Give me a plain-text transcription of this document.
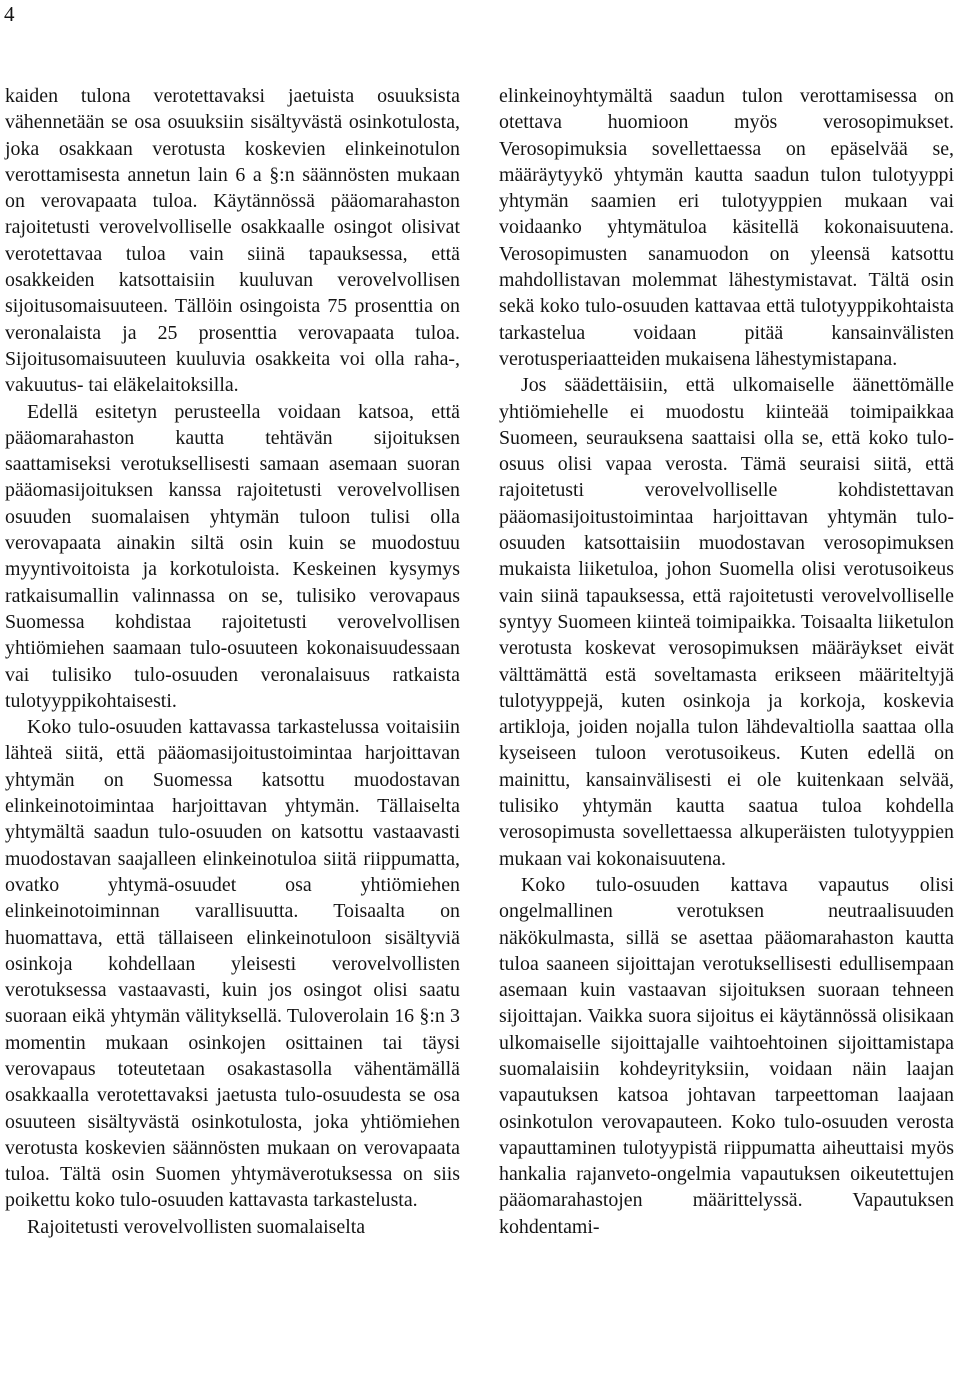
4

kaiden tulona verotettavaksi jaetuista osuuksista vähennetään se osa osuuksiin sisältyvästä osinkotulosta, joka osakkaan verotusta koskevien elinkeinotulon verottamisesta annetun lain 6 a §:n säännösten mukaan on verovapaata tuloa. Käytännössä pääomarahaston rajoitetusti verovelvolliselle osakkaalle osingot olisivat verotettavaa tuloa vain siinä tapauksessa, että osakkeiden katsottaisiin kuuluvan verovelvollisen sijoitusomaisuuteen. Tällöin osingoista 75 prosenttia on veronalaista ja 25 prosenttia verovapaata tuloa. Sijoitusomaisuuteen kuuluvia osakkeita voi olla raha-, vakuutus- tai eläkelaitoksilla.

Edellä esitetyn perusteella voidaan katsoa, että pääomarahaston kautta tehtävän sijoituksen saattamiseksi verotuksellisesti samaan asemaan suoran pääomasijoituksen kanssa rajoitetusti verovelvollisen osuuden suomalaisen yhtymän tuloon tulisi olla verovapaata ainakin siltä osin kuin se muodostuu myyntivoitoista ja korkotuloista. Keskeinen kysymys ratkaisumallin valinnassa on se, tulisiko verovapaus Suomessa kohdistaa rajoitetusti verovelvollisen yhtiömiehen saamaan tulo-osuuteen kokonaisuudessaan vai tulisiko tulo-osuuden veronalaisuus ratkaista tulotyyppikohtaisesti.

Koko tulo-osuuden kattavassa tarkastelussa voitaisiin lähteä siitä, että pääomasijoitustoimintaa harjoittavan yhtymän on Suomessa katsottu muodostavan elinkeinotoimintaa harjoittavan yhtymän. Tällaiselta yhtymältä saadun tulo-osuuden on katsottu vastaavasti muodostavan saajalleen elinkeinotuloa siitä riippumatta, ovatko yhtymä-osuudet osa yhtiömiehen elinkeinotoiminnan varallisuutta. Toisaalta on huomattava, että tällaiseen elinkeinotuloon sisältyviä osinkoja kohdellaan yleisesti verovelvollisten verotuksessa vastaavasti, kuin jos osingot olisi saatu suoraan eikä yhtymän välityksellä. Tuloverolain 16 §:n 3 momentin mukaan osinkojen osittainen tai täysi verovapaus toteutetaan osakastasolla vähentämällä osakkaalla verotettavaksi jaetusta tulo-osuudesta se osa osuuteen sisältyvästä osinkotulosta, joka yhtiömiehen verotusta koskevien säännösten mukaan on verovapaata tuloa. Tältä osin Suomen yhtymäverotuksessa on siis poikettu koko tulo-osuuden kattavasta tarkastelusta.

Rajoitetusti verovelvollisten suomalaiselta

elinkeinoyhtymältä saadun tulon verottamisessa on otettava huomioon myös verosopimukset. Verosopimuksia sovellettaessa on epäselvää se, määräytyykö yhtymän kautta saadun tulon tulotyyppi yhtymän saamien eri tulotyyppien mukaan vai voidaanko yhtymätuloa käsitellä kokonaisuutena. Verosopimusten sanamuodon on yleensä katsottu mahdollistavan molemmat lähestymistavat. Tältä osin sekä koko tulo-osuuden kattavaa että tulotyyppikohtaista tarkastelua voidaan pitää kansainvälisten verotusperiaatteiden mukaisena lähestymistapana.

Jos säädettäisiin, että ulkomaiselle äänettömälle yhtiömiehelle ei muodostu kiinteää toimipaikkaa Suomeen, seurauksena saattaisi olla se, että koko tulo-osuus olisi vapaa verosta. Tämä seuraisi siitä, että rajoitetusti verovelvolliselle kohdistettavan pääomasijoitustoimintaa harjoittavan yhtymän tulo-osuuden katsottaisiin muodostavan verosopimuksen mukaista liiketuloa, johon Suomella olisi verotusoikeus vain siinä tapauksessa, että rajoitetusti verovelvolliselle syntyy Suomeen kiinteä toimipaikka. Toisaalta liiketulon verotusta koskevat verosopimuksen määräykset eivät välttämättä estä soveltamasta erikseen määriteltyjä tulotyyppejä, kuten osinkoja ja korkoja, koskevia artikloja, joiden nojalla tulon lähdevaltiolla saattaa olla kyseiseen tuloon verotusoikeus. Kuten edellä on mainittu, kansainvälisesti ei ole kuitenkaan selvää, tulisiko yhtymän kautta saatua tuloa kohdella verosopimusta sovellettaessa alkuperäisten tulotyyppien mukaan vai kokonaisuutena.

Koko tulo-osuuden kattava vapautus olisi ongelmallinen verotuksen neutraalisuuden näkökulmasta, sillä se asettaa pääomarahaston kautta tuloa saaneen sijoittajan verotuksellisesti edullisempaan asemaan kuin vastaavan sijoituksen suoraan tehneen sijoittajan. Vaikka suora sijoitus ei käytännössä olisikaan ulkomaiselle sijoittajalle vaihtoehtoinen sijoittamistapa suomalaisiin kohdeyrityksiin, voidaan näin laajan vapautuksen katsoa johtavan tarpeettoman laajaan osinkotulon verovapauteen. Koko tulo-osuuden verosta vapauttaminen tulotyypistä riippumatta aiheuttaisi myös hankalia rajanveto-ongelmia vapautuksen oikeutettujen pääomarahastojen määrittelyssä. Vapautuksen kohdentami-
